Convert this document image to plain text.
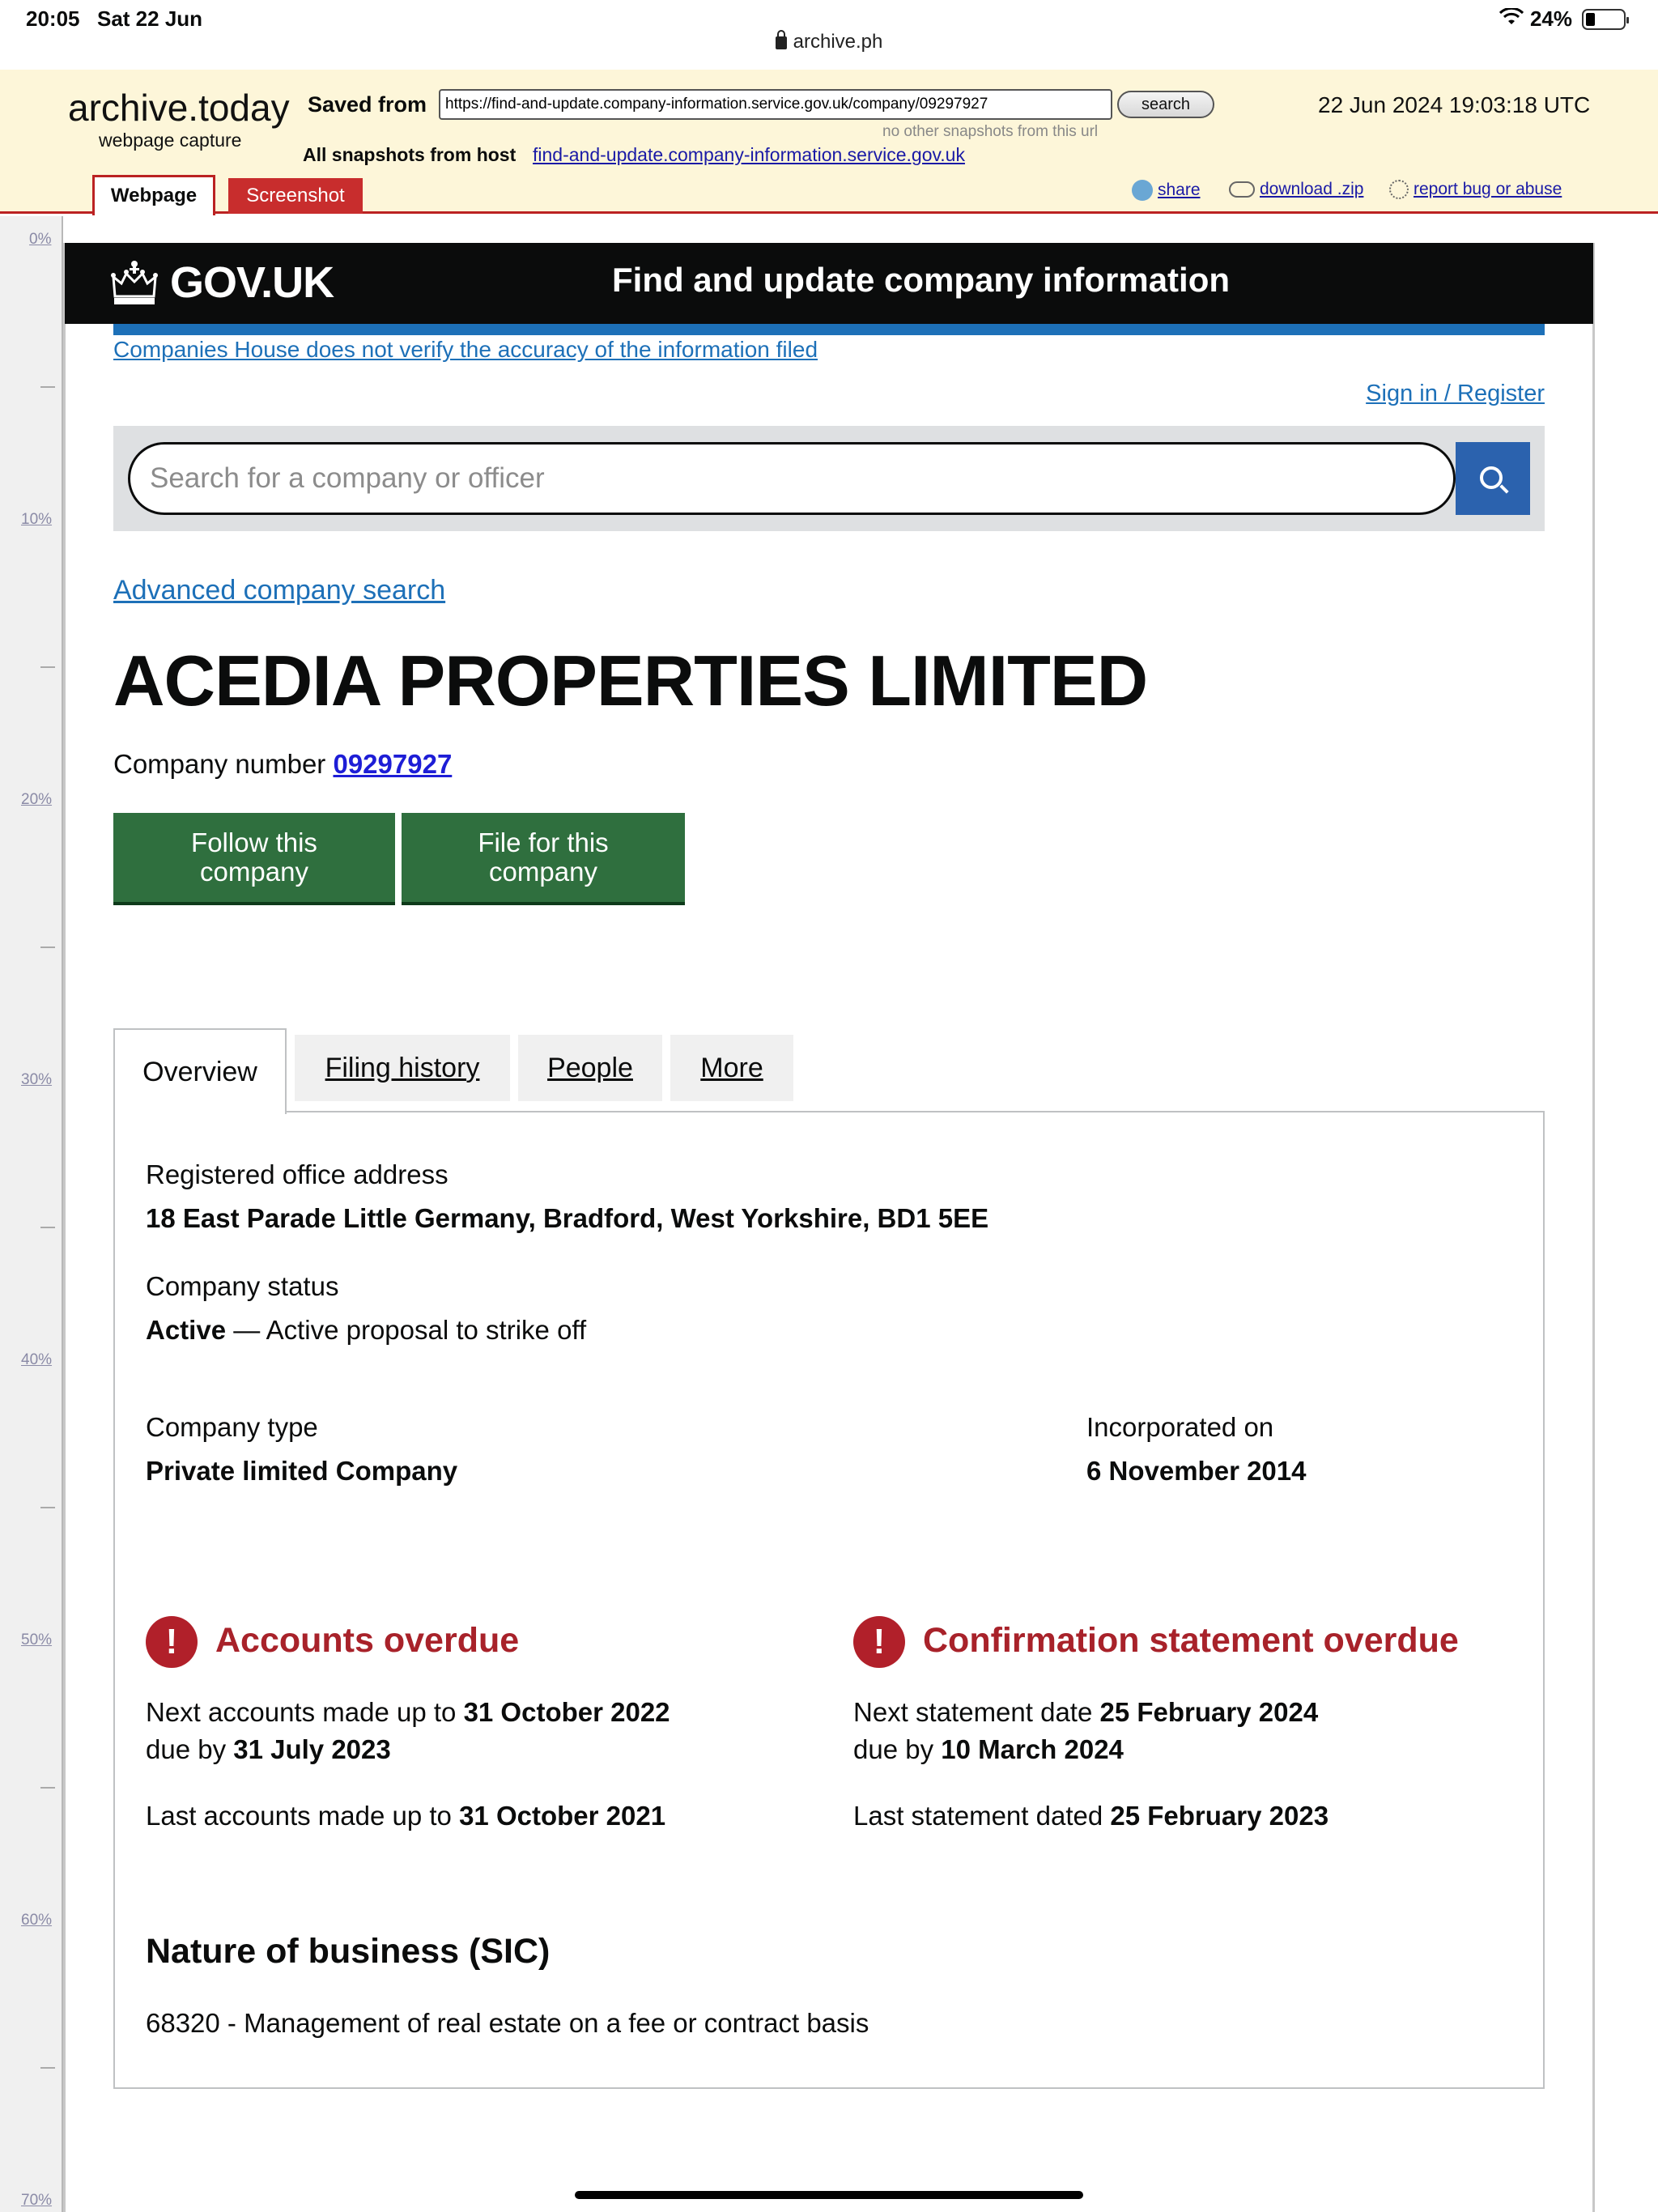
20:05 Sat 22 Jun	24%
archive.ph
archive.today
webpage capture
Saved from
https://find-and-update.company-information.service.gov.uk/company/09297927	search
no other snapshots from this url
All snapshots from host find-and-update.company-information.service.gov.uk
22 Jun 2024 19:03:18 UTC
Webpage	Screenshot	share	download .zip	report bug or abuse
0%
10%
20%
30%
40%
50%
60%
70%
GOV.UK	Find and update company information
Companies House does not verify the accuracy of the information filed
Sign in / Register
Search for a company or officer
Advanced company search
ACEDIA PROPERTIES LIMITED
Company number 09297927
Follow this company
File for this company
Overview	Filing history	People	More
Registered office address
18 East Parade Little Germany, Bradford, West Yorkshire, BD1 5EE
Company status
Active — Active proposal to strike off
Company type
Private limited Company
Incorporated on
6 November 2014
!	Accounts overdue
Next accounts made up to 31 October 2022
due by 31 July 2023
Last accounts made up to 31 October 2021
!	Confirmation statement overdue
Next statement date 25 February 2024
due by 10 March 2024
Last statement dated 25 February 2023
Nature of business (SIC)
68320 - Management of real estate on a fee or contract basis
